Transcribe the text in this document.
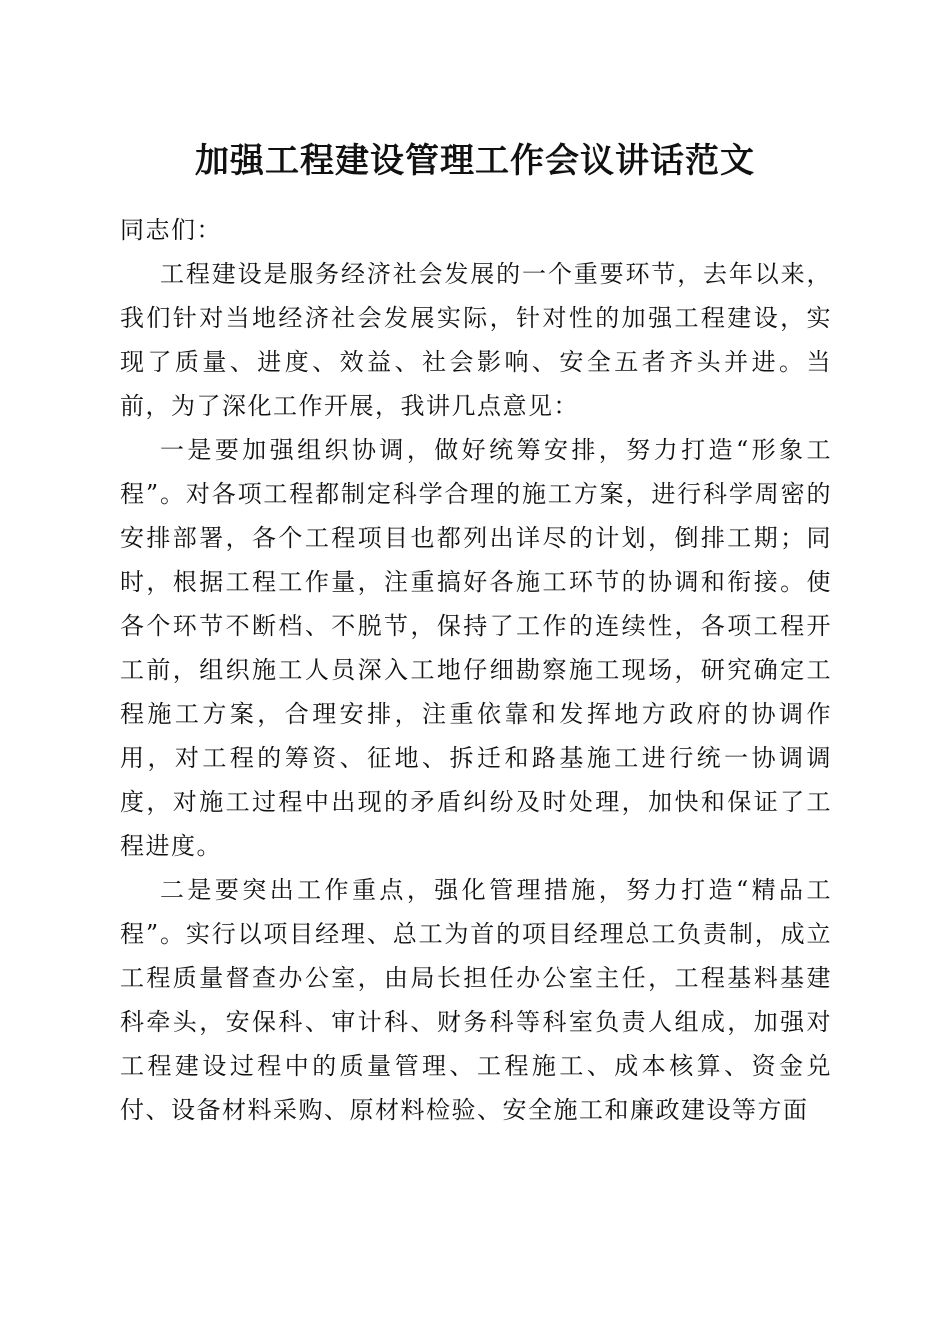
加强工程建设管理工作会议讲话范文

同志们：

工程建设是服务经济社会发展的一个重要环节，去年以来，我们针对当地经济社会发展实际，针对性的加强工程建设，实现了质量、进度、效益、社会影响、安全五者齐头并进。当前，为了深化工作开展，我讲几点意见：

一是要加强组织协调，做好统筹安排，努力打造“形象工程”。对各项工程都制定科学合理的施工方案，进行科学周密的安排部署，各个工程项目也都列出详尽的计划，倒排工期；同时，根据工程工作量，注重搞好各施工环节的协调和衔接。使各个环节不断档、不脱节，保持了工作的连续性，各项工程开工前，组织施工人员深入工地仔细勘察施工现场，研究确定工程施工方案，合理安排，注重依靠和发挥地方政府的协调作用，对工程的筹资、征地、拆迁和路基施工进行统一协调调度，对施工过程中出现的矛盾纠纷及时处理，加快和保证了工程进度。

二是要突出工作重点，强化管理措施，努力打造“精品工程”。实行以项目经理、总工为首的项目经理总工负责制，成立工程质量督查办公室，由局长担任办公室主任，工程基料基建科牵头，安保科、审计科、财务科等科室负责人组成，加强对工程建设过程中的质量管理、工程施工、成本核算、资金兑付、设备材料采购、原材料检验、安全施工和廉政建设等方面
